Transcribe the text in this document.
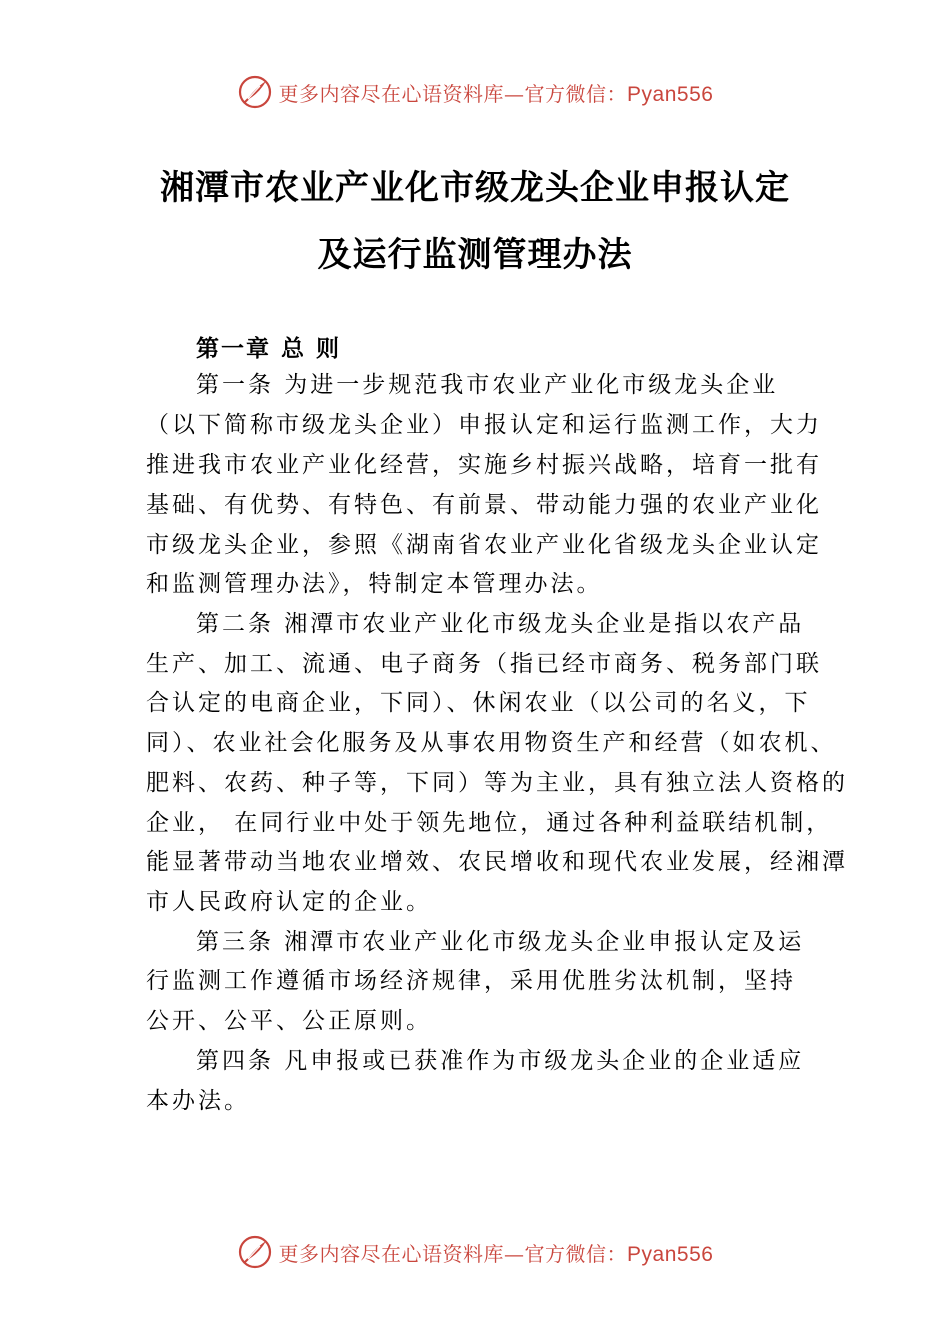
更多内容尽在心语资料库—官方微信：Pyan556
湘潭市农业产业化市级龙头企业申报认定
及运行监测管理办法
第一章 总 则
第一条 为进一步规范我市农业产业化市级龙头企业
（以下简称市级龙头企业）申报认定和运行监测工作，大力
推进我市农业产业化经营，实施乡村振兴战略，培育一批有
基础、有优势、有特色、有前景、带动能力强的农业产业化
市级龙头企业，参照《湖南省农业产业化省级龙头企业认定
和监测管理办法》，特制定本管理办法。
第二条 湘潭市农业产业化市级龙头企业是指以农产品
生产、加工、流通、电子商务（指已经市商务、税务部门联
合认定的电商企业，下同）、休闲农业（以公司的名义，下
同）、农业社会化服务及从事农用物资生产和经营（如农机、
肥料、农药、种子等，下同）等为主业，具有独立法人资格的
企业， 在同行业中处于领先地位，通过各种利益联结机制，
能显著带动当地农业增效、农民增收和现代农业发展，经湘潭
市人民政府认定的企业。
第三条 湘潭市农业产业化市级龙头企业申报认定及运
行监测工作遵循市场经济规律，采用优胜劣汰机制，坚持
公开、公平、公正原则。
第四条 凡申报或已获准作为市级龙头企业的企业适应
本办法。
更多内容尽在心语资料库—官方微信：Pyan556
